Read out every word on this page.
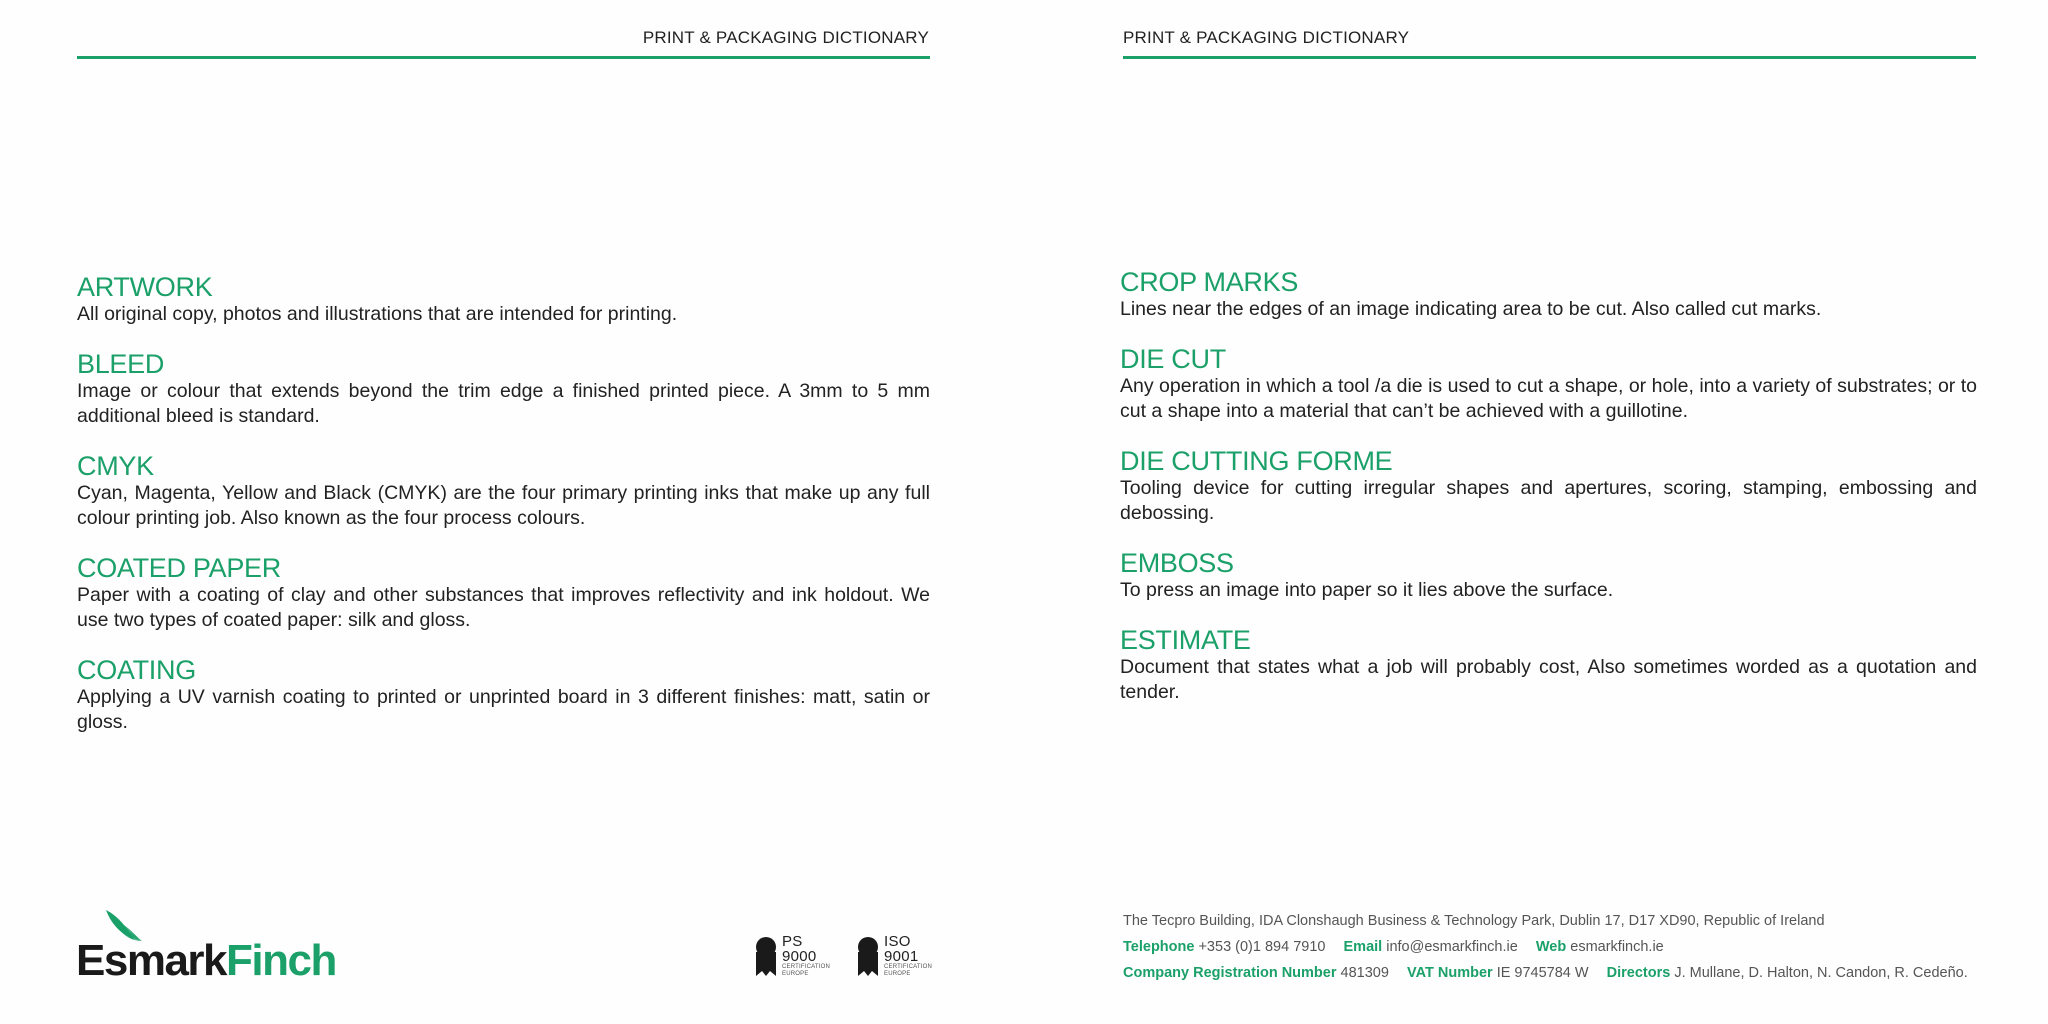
PRINT & PACKAGING DICTIONARY

ARTWORK

All original copy, photos and illustrations that are intended for printing.

BLEED

Image or colour that extends beyond the trim edge a finished printed piece. A 3mm to 5 mm additional bleed is standard.

CMYK

Cyan, Magenta, Yellow and Black (CMYK) are the four primary printing inks that make up any full colour printing job. Also known as the four process colours.

COATED PAPER

Paper with a coating of clay and other substances that improves reflectivity and ink holdout. We use two types of coated paper: silk and gloss.

COATING

Applying a UV varnish coating to printed or unprinted board in 3 different finishes: matt, satin or gloss.

EsmarkFinch	PS
9000
CERTIFICATION
EUROPE
ISO
9001
CERTIFICATION
EUROPE
PRINT & PACKAGING DICTIONARY

CROP MARKS

Lines near the edges of an image indicating area to be cut. Also called cut marks.

DIE CUT

Any operation in which a tool /a die is used to cut a shape, or hole, into a variety of substrates; or to cut a shape into a material that can’t be achieved with a guillotine.

DIE CUTTING FORME

Tooling device for cutting irregular shapes and apertures, scoring, stamping, embossing and debossing.

EMBOSS

To press an image into paper so it lies above the surface.

ESTIMATE

Document that states what a job will probably cost, Also sometimes worded as a quotation and tender.

The Tecpro Building, IDA Clonshaugh Business & Technology Park, Dublin 17, D17 XD90, Republic of Ireland
Telephone +353 (0)1 894 7910 Email info@esmarkfinch.ie Web esmarkfinch.ie
Company Registration Number 481309 VAT Number IE 9745784 W Directors J. Mullane, D. Halton, N. Candon, R. Cedeño.
